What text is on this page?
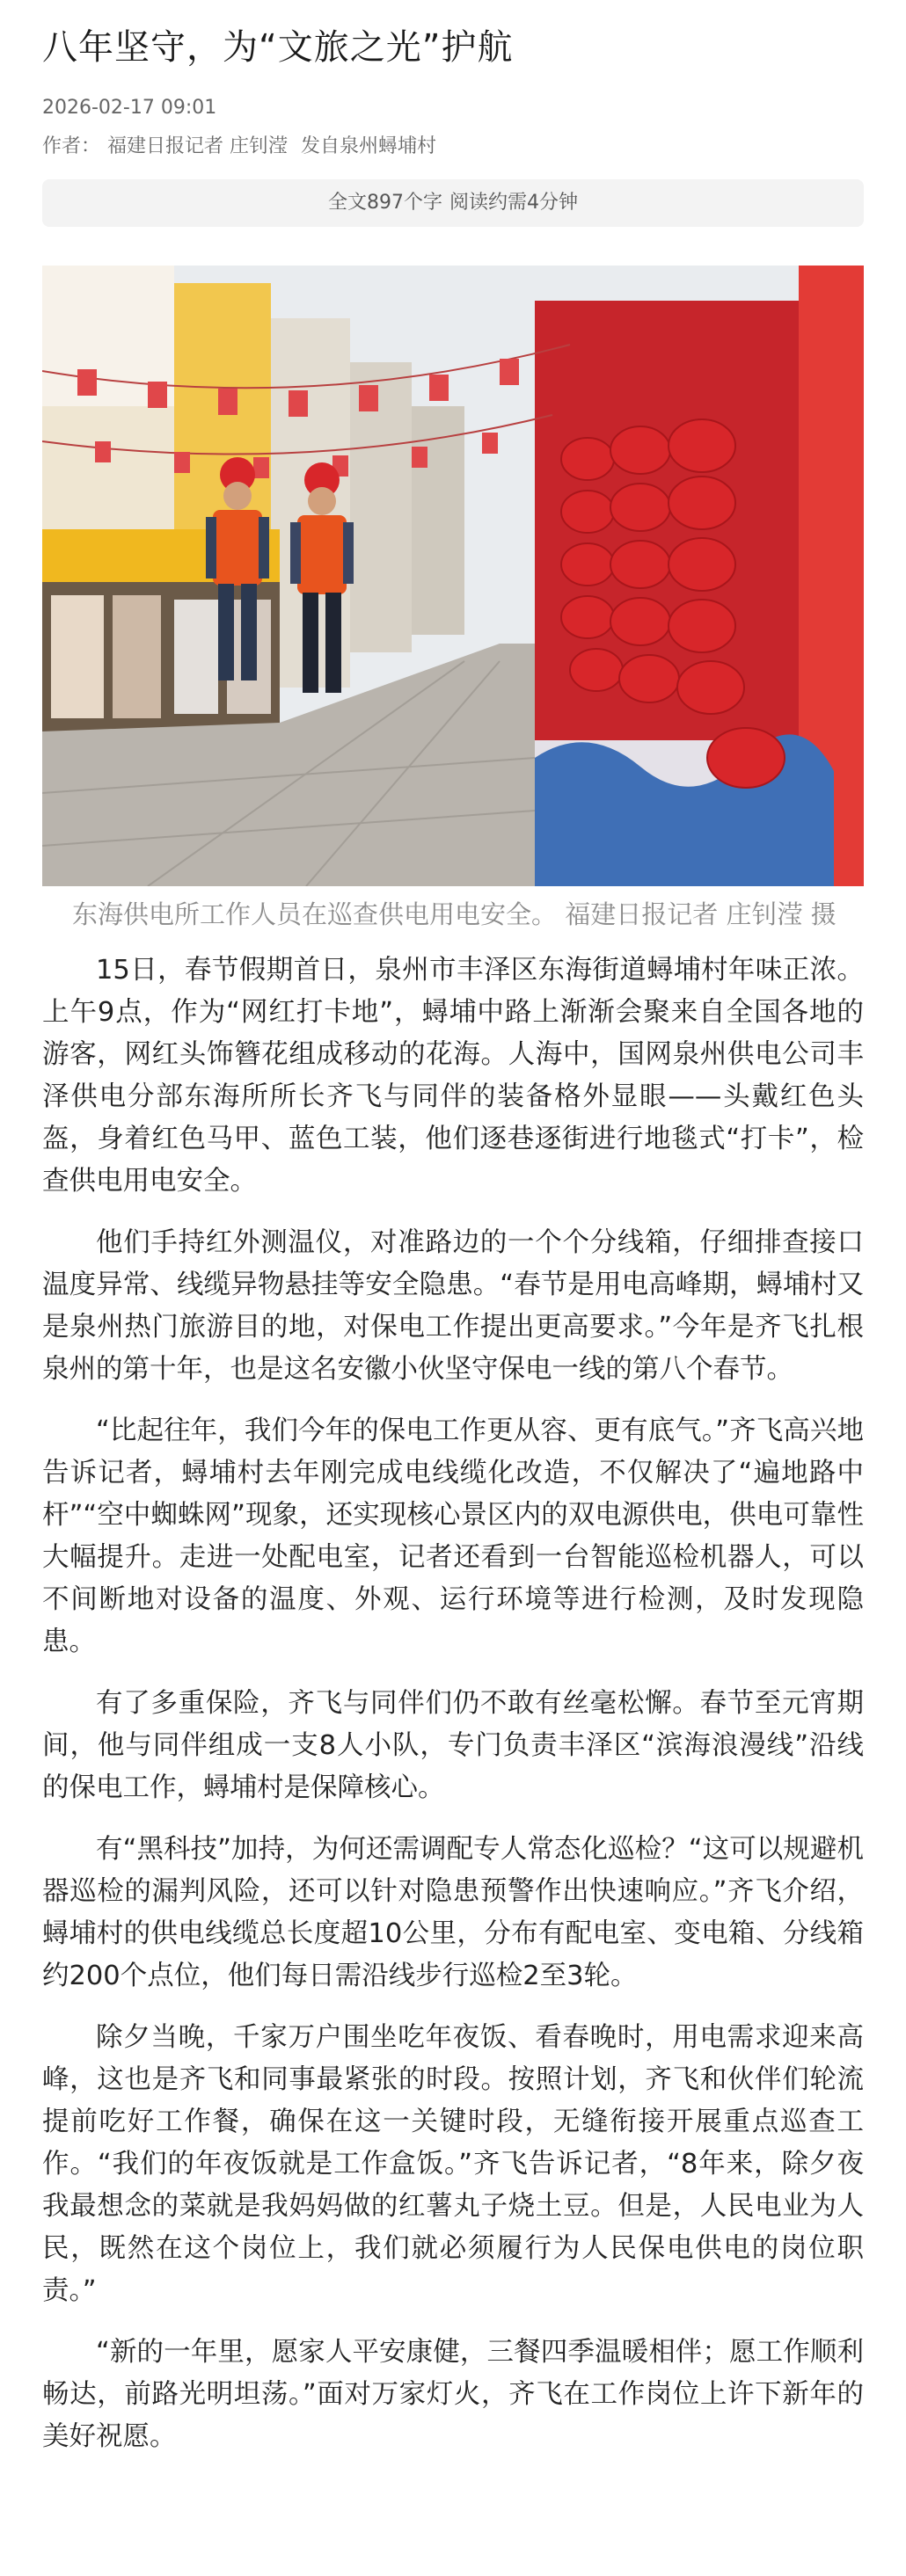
八年坚守，为“文旅之光”护航
2026-02-17 09:01
作者： 福建日报记者 庄钊滢 发自泉州蟳埔村
全文897个字 阅读约需4分钟
东海供电所工作人员在巡查供电用电安全。 福建日报记者 庄钊滢 摄

15日，春节假期首日，泉州市丰泽区东海街道蟳埔村年味正浓。上午9点，作为“网红打卡地”，蟳埔中路上渐渐会聚来自全国各地的游客，网红头饰簪花组成移动的花海。人海中，国网泉州供电公司丰泽供电分部东海所所长齐飞与同伴的装备格外显眼——头戴红色头盔，身着红色马甲、蓝色工装，他们逐巷逐街进行地毯式“打卡”，检查供电用电安全。

他们手持红外测温仪，对准路边的一个个分线箱，仔细排查接口温度异常、线缆异物悬挂等安全隐患。“春节是用电高峰期，蟳埔村又是泉州热门旅游目的地，对保电工作提出更高要求。”今年是齐飞扎根泉州的第十年，也是这名安徽小伙坚守保电一线的第八个春节。

“比起往年，我们今年的保电工作更从容、更有底气。”齐飞高兴地告诉记者，蟳埔村去年刚完成电线缆化改造，不仅解决了“遍地路中杆”“空中蜘蛛网”现象，还实现核心景区内的双电源供电，供电可靠性大幅提升。走进一处配电室，记者还看到一台智能巡检机器人，可以不间断地对设备的温度、外观、运行环境等进行检测，及时发现隐患。

有了多重保险，齐飞与同伴们仍不敢有丝毫松懈。春节至元宵期间，他与同伴组成一支8人小队，专门负责丰泽区“滨海浪漫线”沿线的保电工作，蟳埔村是保障核心。

有“黑科技”加持，为何还需调配专人常态化巡检？“这可以规避机器巡检的漏判风险，还可以针对隐患预警作出快速响应。”齐飞介绍，蟳埔村的供电线缆总长度超10公里，分布有配电室、变电箱、分线箱约200个点位，他们每日需沿线步行巡检2至3轮。

除夕当晚，千家万户围坐吃年夜饭、看春晚时，用电需求迎来高峰，这也是齐飞和同事最紧张的时段。按照计划，齐飞和伙伴们轮流提前吃好工作餐，确保在这一关键时段，无缝衔接开展重点巡查工作。“我们的年夜饭就是工作盒饭。”齐飞告诉记者，“8年来，除夕夜我最想念的菜就是我妈妈做的红薯丸子烧土豆。但是，人民电业为人民，既然在这个岗位上，我们就必须履行为人民保电供电的岗位职责。”

“新的一年里，愿家人平安康健，三餐四季温暖相伴；愿工作顺利畅达，前路光明坦荡。”面对万家灯火，齐飞在工作岗位上许下新年的美好祝愿。
